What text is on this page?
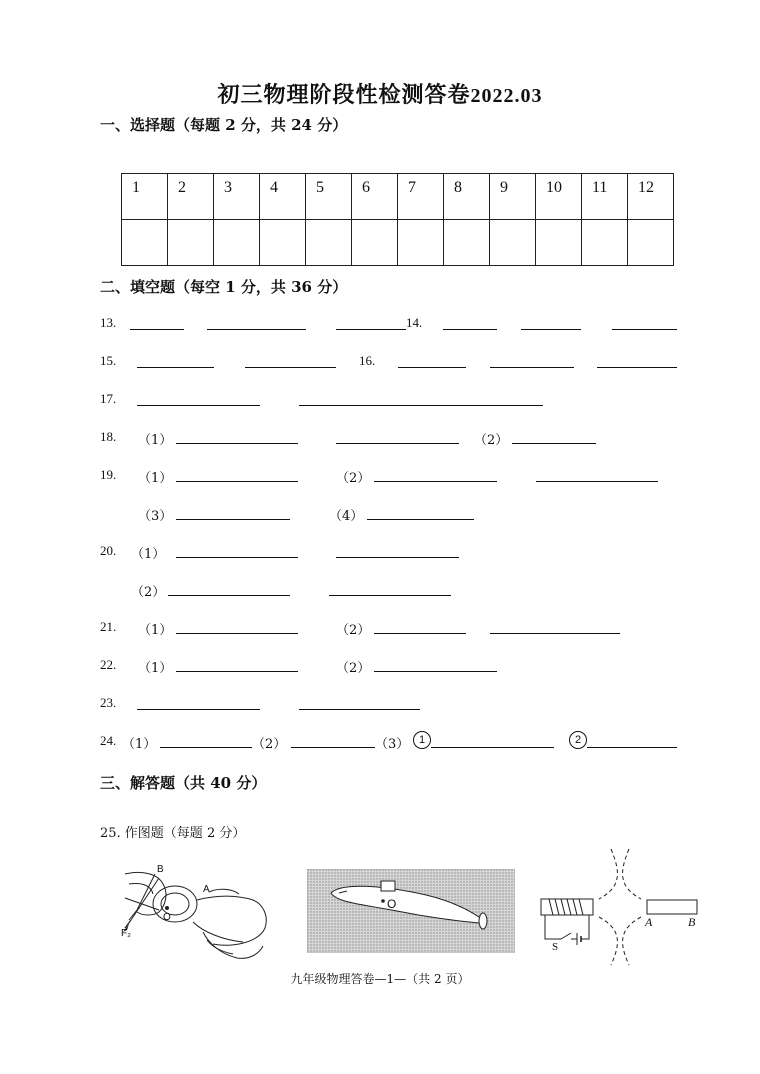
初三物理阶段性检测答卷2022.03
一、选择题（每题 2 分，共 24 分）
1	2	3	4	5	6	7	8	9	10	11	12

二、填空题（每空 1 分，共 36 分）
13.	14.
15.	16.
17.
18. （1）	（2）
19. （1）	（2）
（3）	（4）
20. （1）
（2）
21. （1）	（2）
22. （1）	（2）
23.
24. （1）	（2）	（3） 1	2
三、解答题（共 40 分）
25. 作图题（每题 2 分）
B
A
O
F₂
O
S
A	B
九年级物理答卷—1—（共 2 页）
